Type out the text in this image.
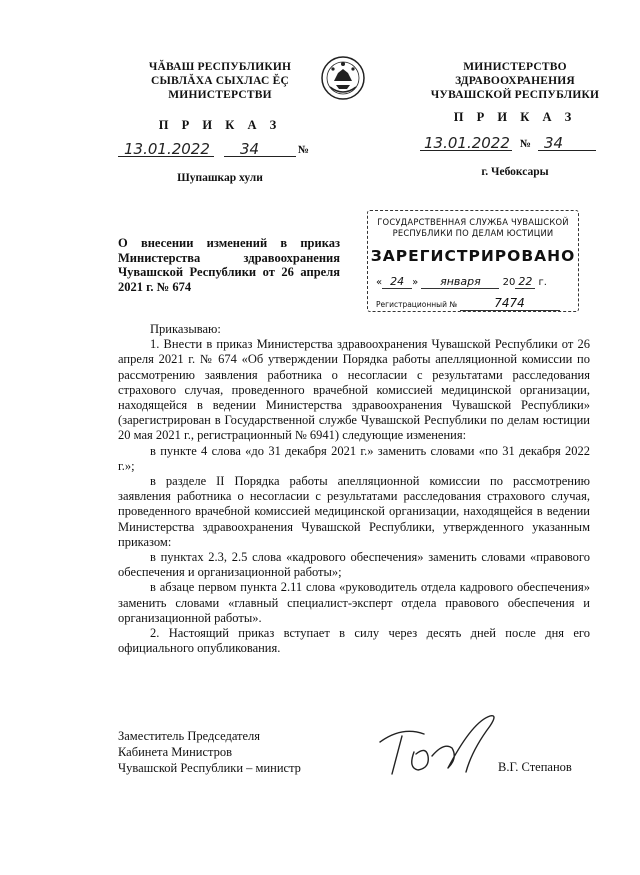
ЧĂВАШ РЕСПУБЛИКИН
СЫВЛĂХА СЫХЛАС ĔÇ
МИНИСТЕРСТВИ
П Р И К А З
13.01.2022 34	№
Шупашкар хули
МИНИСТЕРСТВО
ЗДРАВООХРАНЕНИЯ
ЧУВАШСКОЙ РЕСПУБЛИКИ
П Р И К А З
13.01.2022 № 34
г. Чебоксары
ГОСУДАРСТВЕННАЯ СЛУЖБА ЧУВАШСКОЙ
РЕСПУБЛИКИ ПО ДЕЛАМ ЮСТИЦИИ
ЗАРЕГИСТРИРОВАНО
« 24 » января 20 22 г.
Регистрационный №	7474
О внесении изменений в приказ Министерства здравоохранения Чувашской Республики от 26 апреля 2021 г. № 674

Приказываю:

1. Внести в приказ Министерства здравоохранения Чувашской Республики от 26 апреля 2021 г. № 674 «Об утверждении Порядка работы апелляционной комиссии по рассмотрению заявления работника о несогласии с результатами расследования страхового случая, проведенного врачебной комиссией медицинской организации, находящейся в ведении Министерства здравоохранения Чувашской Республики» (зарегистрирован в Государственной службе Чувашской Республики по делам юстиции 20 мая 2021 г., регистрационный № 6941) следующие изменения:

в пункте 4 слова «до 31 декабря 2021 г.» заменить словами «по 31 декабря 2022 г.»;

в разделе II Порядка работы апелляционной комиссии по рассмотрению заявления работника о несогласии с результатами расследования страхового случая, проведенного врачебной комиссией медицинской организации, находящейся в ведении Министерства здравоохранения Чувашской Республики, утвержденного указанным приказом:

в пунктах 2.3, 2.5 слова «кадрового обеспечения» заменить словами «правового обеспечения и организационной работы»;

в абзаце первом пункта 2.11 слова «руководитель отдела кадрового обеспечения» заменить словами «главный специалист-эксперт отдела правового обеспечения и организационной работы».

2. Настоящий приказ вступает в силу через десять дней после дня его официального опубликования.

Заместитель Председателя
Кабинета Министров
Чувашской Республики – министр	В.Г. Степанов
